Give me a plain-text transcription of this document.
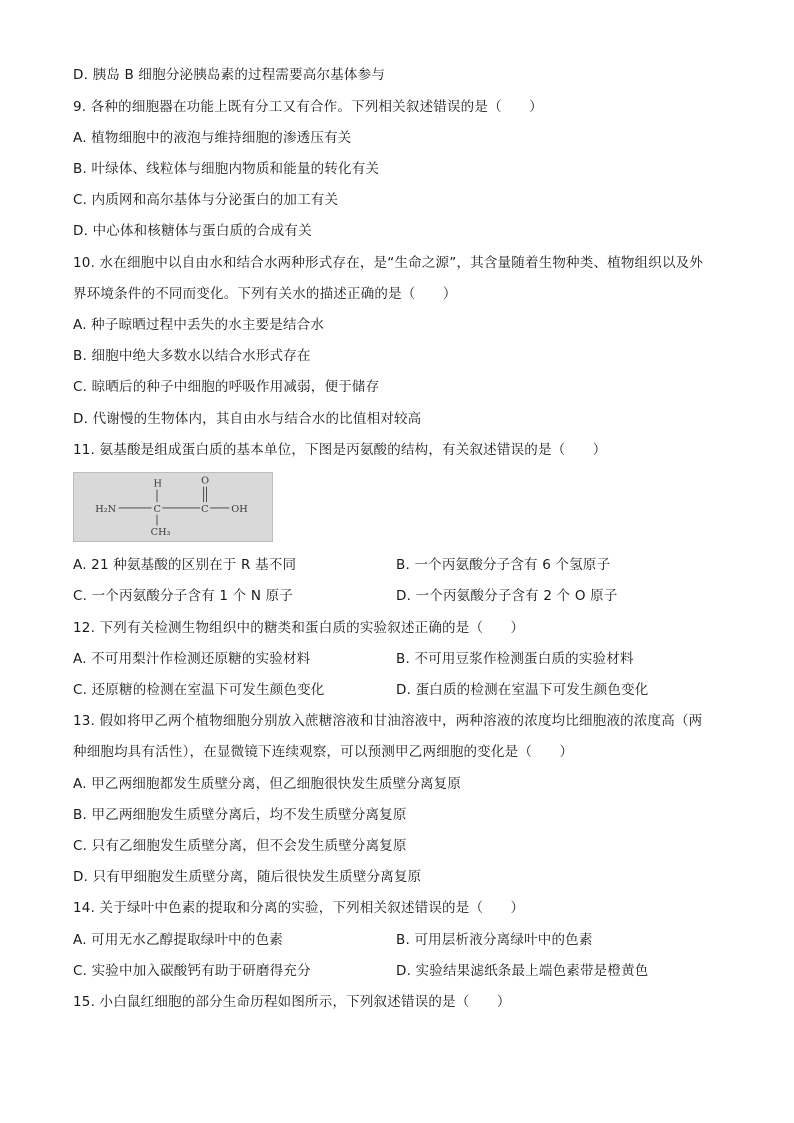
D. 胰岛 B 细胞分泌胰岛素的过程需要高尔基体参与
9. 各种的细胞器在功能上既有分工又有合作。下列相关叙述错误的是（　　）
A. 植物细胞中的液泡与维持细胞的渗透压有关
B. 叶绿体、线粒体与细胞内物质和能量的转化有关
C. 内质网和高尔基体与分泌蛋白的加工有关
D. 中心体和核糖体与蛋白质的合成有关
10. 水在细胞中以自由水和结合水两种形式存在，是“生命之源”，其含量随着生物种类、植物组织以及外
界环境条件的不同而变化。下列有关水的描述正确的是（　　）
A. 种子晾晒过程中丢失的水主要是结合水
B. 细胞中绝大多数水以结合水形式存在
C. 晾晒后的种子中细胞的呼吸作用减弱，便于储存
D. 代谢慢的生物体内，其自由水与结合水的比值相对较高
11. 氨基酸是组成蛋白质的基本单位，下图是丙氨酸的结构，有关叙述错误的是（　　）
H	O
H₂N	C	C OH
CH₃
A. 21 种氨基酸的区别在于 R 基不同	B. 一个丙氨酸分子含有 6 个氢原子
C. 一个丙氨酸分子含有 1 个 N 原子	D. 一个丙氨酸分子含有 2 个 O 原子
12. 下列有关检测生物组织中的糖类和蛋白质的实验叙述正确的是（　　）
A. 不可用梨汁作检测还原糖的实验材料	B. 不可用豆浆作检测蛋白质的实验材料
C. 还原糖的检测在室温下可发生颜色变化	D. 蛋白质的检测在室温下可发生颜色变化
13. 假如将甲乙两个植物细胞分别放入蔗糖溶液和甘油溶液中，两种溶液的浓度均比细胞液的浓度高（两
种细胞均具有活性），在显微镜下连续观察，可以预测甲乙两细胞的变化是（　　）
A. 甲乙两细胞都发生质壁分离，但乙细胞很快发生质壁分离复原
B. 甲乙两细胞发生质壁分离后，均不发生质壁分离复原
C. 只有乙细胞发生质壁分离，但不会发生质壁分离复原
D. 只有甲细胞发生质壁分离，随后很快发生质壁分离复原
14. 关于绿叶中色素的提取和分离的实验，下列相关叙述错误的是（　　）
A. 可用无水乙醇提取绿叶中的色素	B. 可用层析液分离绿叶中的色素
C. 实验中加入碳酸钙有助于研磨得充分	D. 实验结果滤纸条最上端色素带是橙黄色
15. 小白鼠红细胞的部分生命历程如图所示，下列叙述错误的是（　　）
